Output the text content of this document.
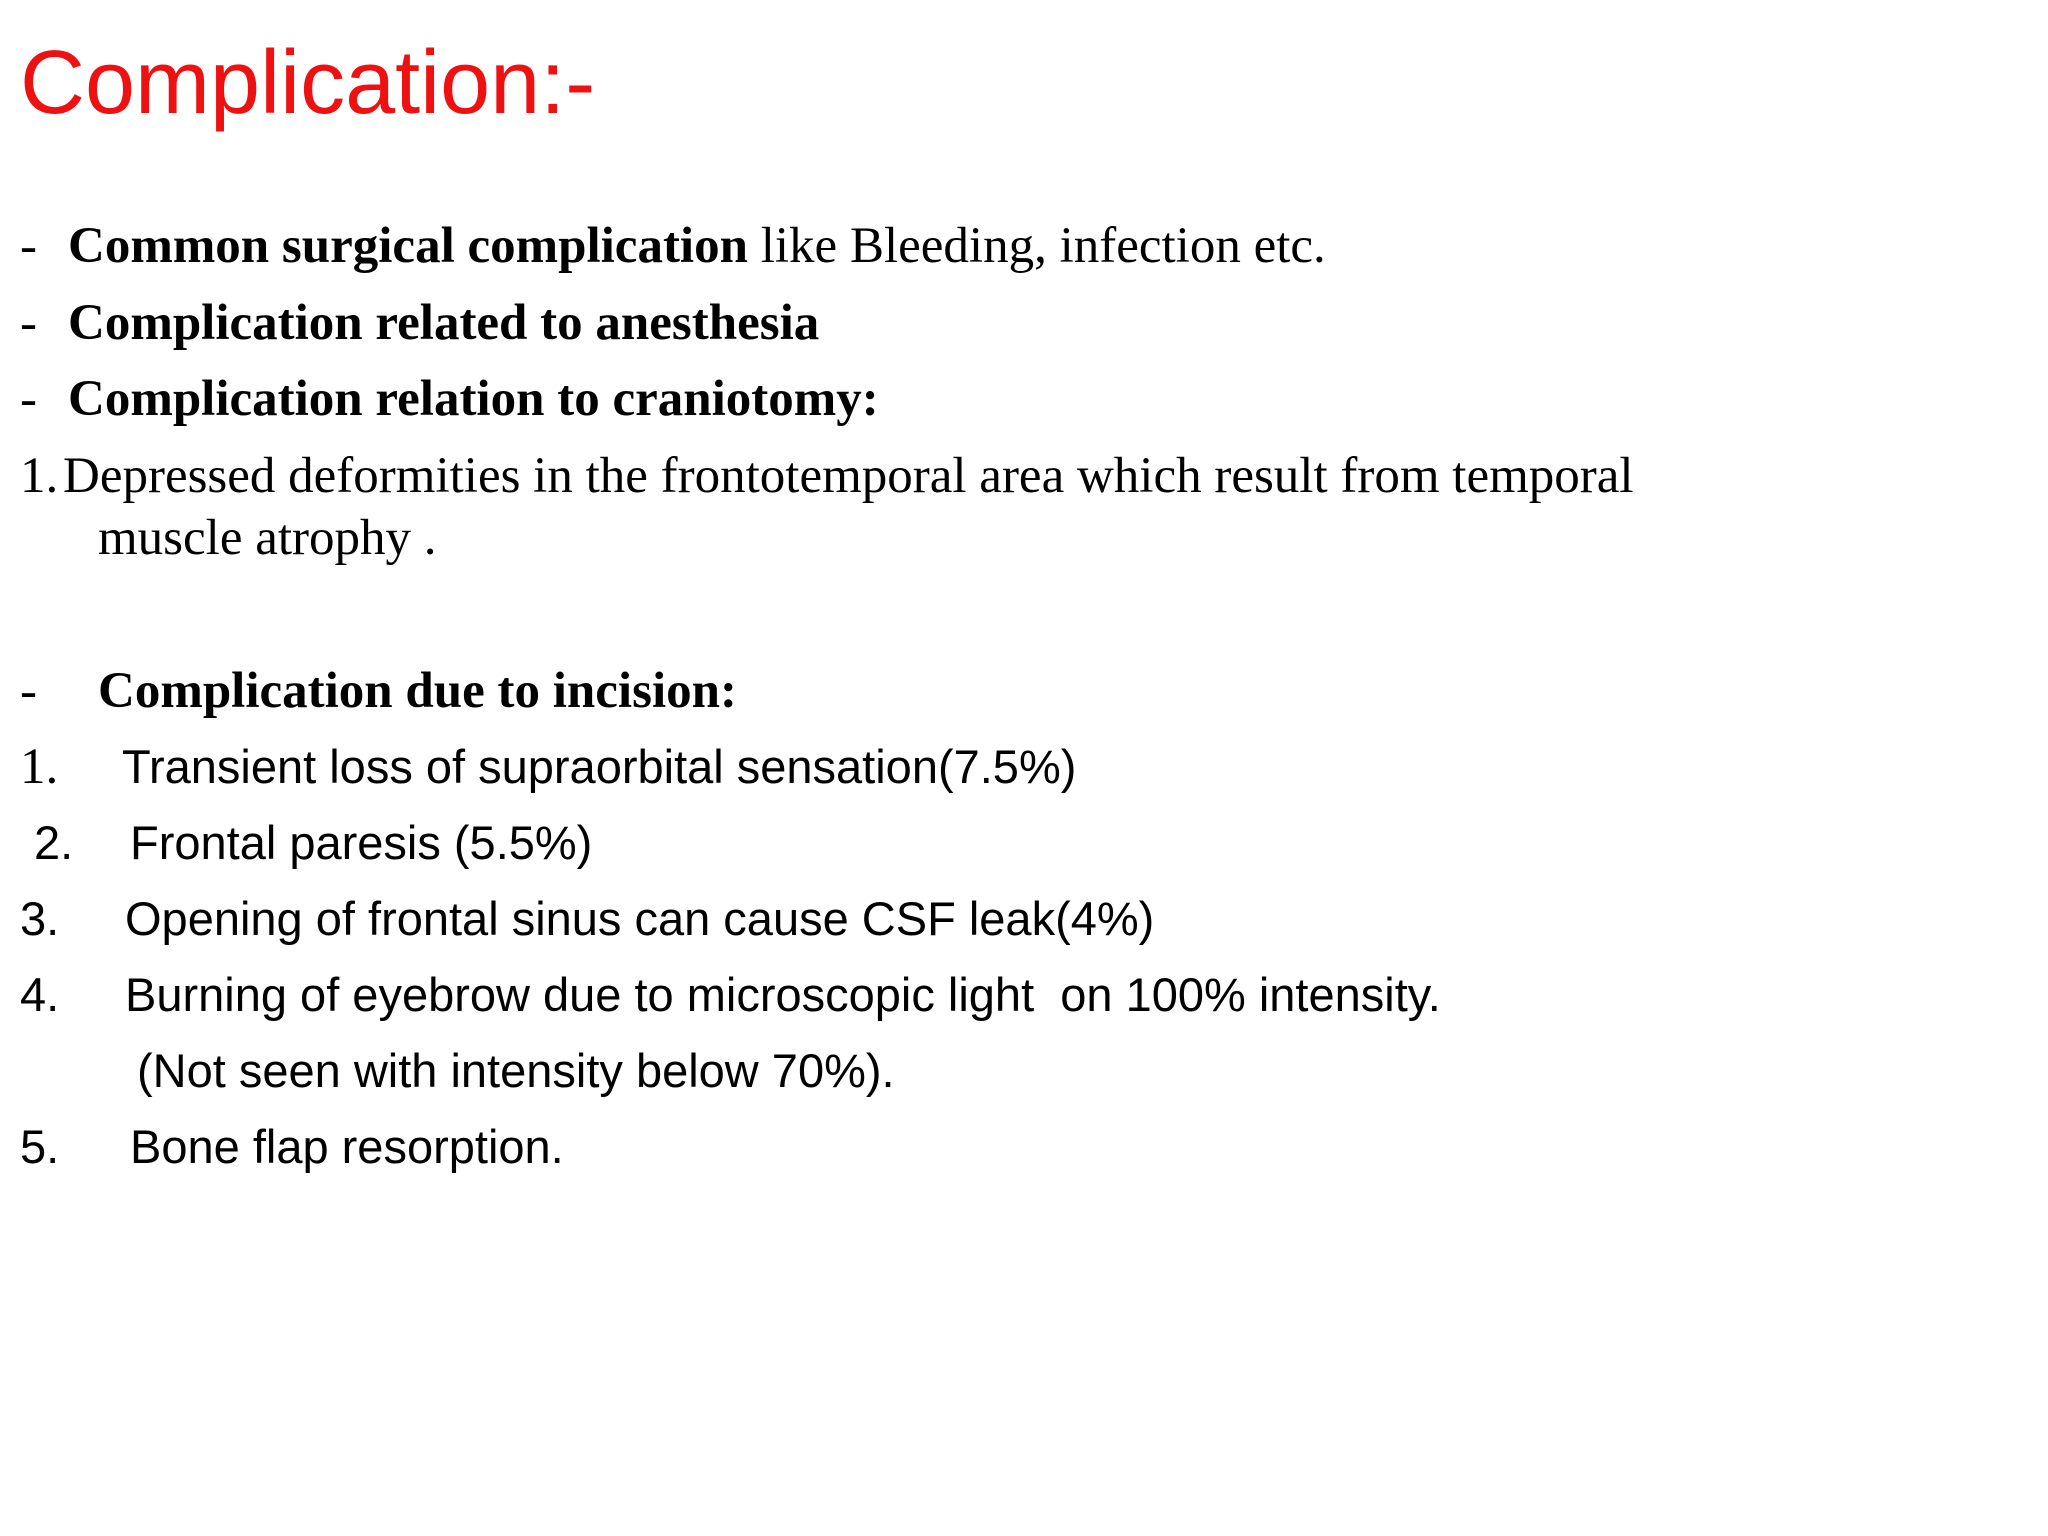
Complication:-
- Common surgical complication like Bleeding, infection etc.
- Complication related to anesthesia
- Complication relation to craniotomy:
1. Depressed deformities in the frontotemporal area which result from temporal
muscle atrophy .
- Complication due to incision:
1. Transient loss of supraorbital sensation(7.5%)
2. Frontal paresis (5.5%)
3. Opening of frontal sinus can cause CSF leak(4%)
4. Burning of eyebrow due to microscopic light  on 100% intensity.
(Not seen with intensity below 70%).
5. Bone flap resorption.
